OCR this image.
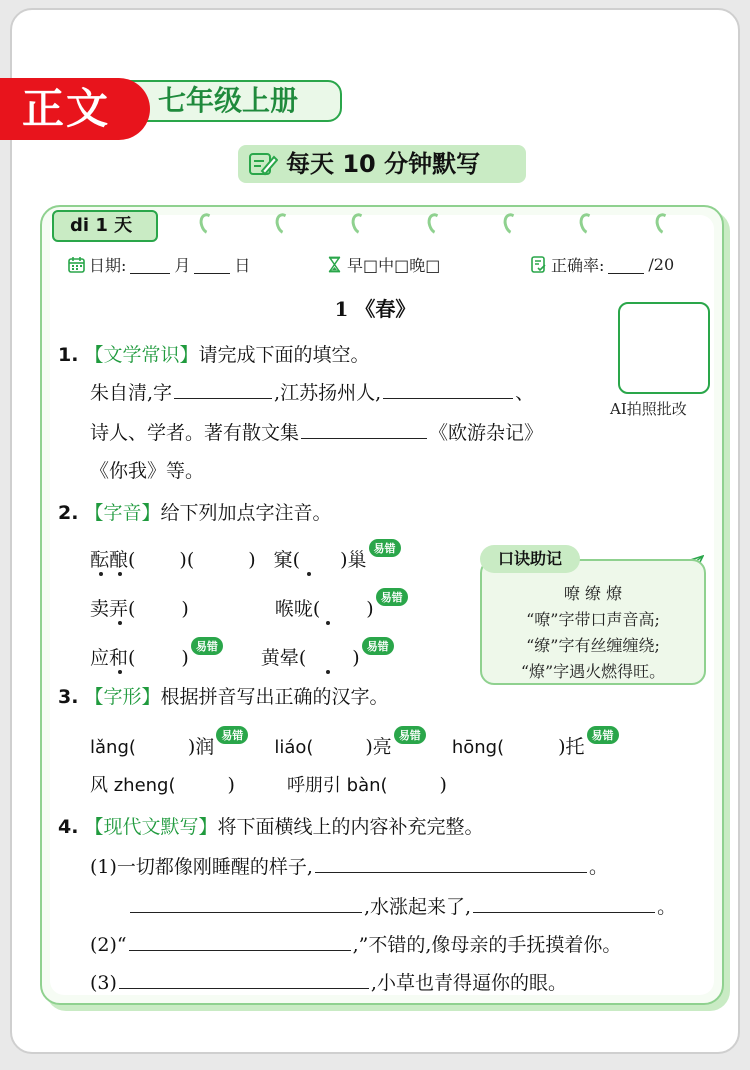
正文	七年级上册
每天 10 分钟默写
di 1 天
日期:	月	日	早□中□晚□	正确率:	/20
1 《春》
AI拍照批改
1. 【文学常识】请完成下面的填空。
朱自清,字	,江苏扬州人,	、
诗人、学者。著有散文集	《欧游杂记》
《你我》等。
2. 【字音】给下列加点字注音。
酝酿( )(	) 窠( )巢易错
卖弄( )	喉咙( )易错
应和( )易错黄晕( )易错
口诀助记
嘹 缭 燎
“嘹”字带口声音高;
“缭”字有丝缠缠绕;
“燎”字遇火燃得旺。
3. 【字形】根据拼音写出正确的汉字。
lǎng(	)润易错liáo(	)亮易错hōng(	)托易错
风 zheng(	)	呼朋引 bàn(	)
4. 【现代文默写】将下面横线上的内容补充完整。
(1)一切都像刚睡醒的样子,	。
,水涨起来了,	。
(2)“	,”不错的,像母亲的手抚摸着你。
(3)	,小草也青得逼你的眼。
